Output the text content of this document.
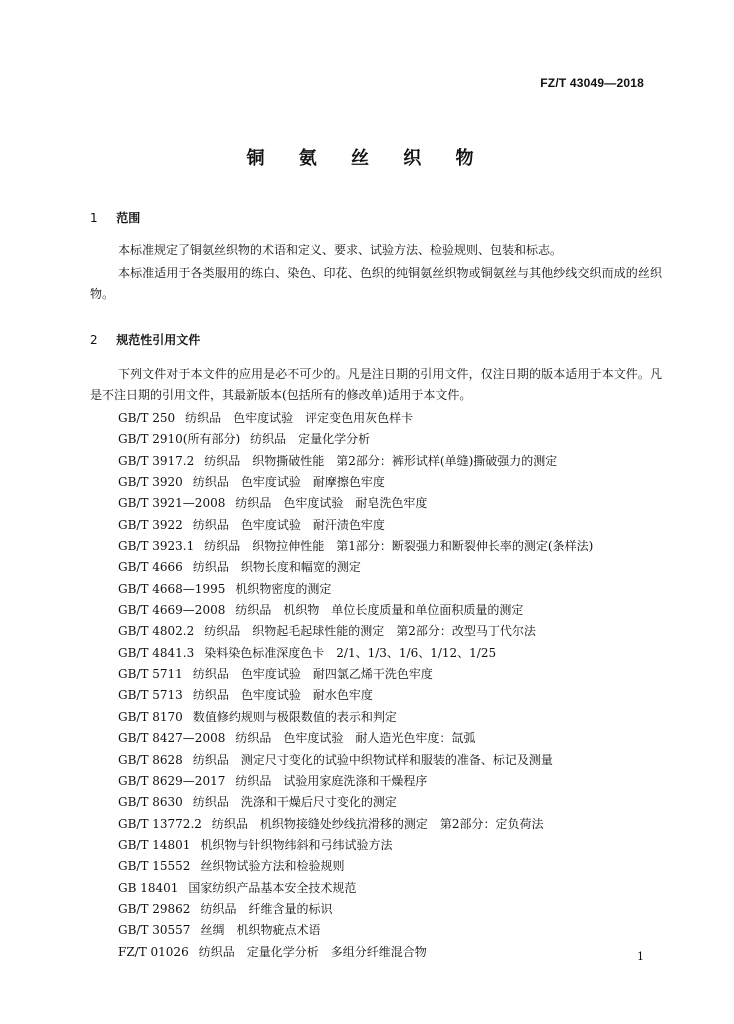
FZ/T 43049—2018
铜 氨 丝 织 物
1 范围
本标准规定了铜氨丝织物的术语和定义、要求、试验方法、检验规则、包装和标志。
本标准适用于各类服用的练白、染色、印花、色织的纯铜氨丝织物或铜氨丝与其他纱线交织而成的丝织物。
2 规范性引用文件
下列文件对于本文件的应用是必不可少的。凡是注日期的引用文件，仅注日期的版本适用于本文件。凡是不注日期的引用文件，其最新版本(包括所有的修改单)适用于本文件。
GB/T 250 纺织品　色牢度试验　评定变色用灰色样卡
GB/T 2910(所有部分) 纺织品　定量化学分析
GB/T 3917.2 纺织品　织物撕破性能　第2部分：裤形试样(单缝)撕破强力的测定
GB/T 3920 纺织品　色牢度试验　耐摩擦色牢度
GB/T 3921—2008 纺织品　色牢度试验　耐皂洗色牢度
GB/T 3922 纺织品　色牢度试验　耐汗渍色牢度
GB/T 3923.1 纺织品　织物拉伸性能　第1部分：断裂强力和断裂伸长率的测定(条样法)
GB/T 4666 纺织品　织物长度和幅宽的测定
GB/T 4668—1995 机织物密度的测定
GB/T 4669—2008 纺织品　机织物　单位长度质量和单位面积质量的测定
GB/T 4802.2 纺织品　织物起毛起球性能的测定　第2部分：改型马丁代尔法
GB/T 4841.3 染料染色标准深度色卡　2/1、1/3、1/6、1/12、1/25
GB/T 5711 纺织品　色牢度试验　耐四氯乙烯干洗色牢度
GB/T 5713 纺织品　色牢度试验　耐水色牢度
GB/T 8170 数值修约规则与极限数值的表示和判定
GB/T 8427—2008 纺织品　色牢度试验　耐人造光色牢度：氙弧
GB/T 8628 纺织品　测定尺寸变化的试验中织物试样和服装的准备、标记及测量
GB/T 8629—2017 纺织品　试验用家庭洗涤和干燥程序
GB/T 8630 纺织品　洗涤和干燥后尺寸变化的测定
GB/T 13772.2 纺织品　机织物接缝处纱线抗滑移的测定　第2部分：定负荷法
GB/T 14801 机织物与针织物纬斜和弓纬试验方法
GB/T 15552 丝织物试验方法和检验规则
GB 18401 国家纺织产品基本安全技术规范
GB/T 29862 纺织品　纤维含量的标识
GB/T 30557 丝绸　机织物疵点术语
FZ/T 01026 纺织品　定量化学分析　多组分纤维混合物	1
